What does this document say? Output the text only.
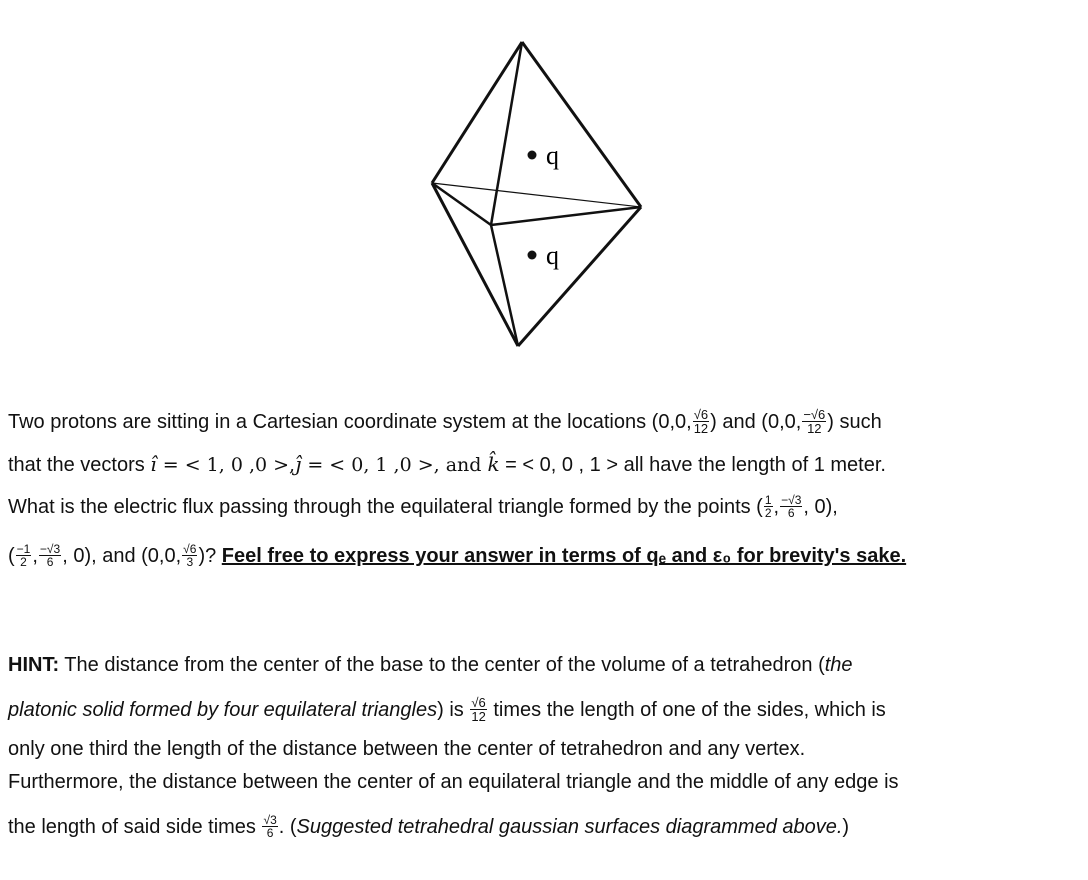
q
q
Two protons are sitting in a Cartesian coordinate system at the locations (0,0, $\frac{√6}{12}$ ) and (0,0, $\frac{-√6}{12}$ ) such
that the vectors î = < 1, 0 ,0 >,ĵ = < 0, 1 ,0 >, and k̂ = < 0, 0 , 1 > all have the length of 1 meter.
What is the electric flux passing through the equilateral triangle formed by the points ( $\frac{1}{2}$ , $\frac{-√3}{6}$ , 0),
( $\frac{-1}{2}$ , $\frac{-√3}{6}$ , 0), and (0,0, $\frac{√6}{3}$ )? Feel free to express your answer in terms of qₑ and ε₀ for brevity's sake.
HINT: The distance from the center of the base to the center of the volume of a tetrahedron (the
platonic solid formed by four equilateral triangles) is $\frac{√6}{12}$ times the length of one of the sides, which is
only one third the length of the distance between the center of tetrahedron and any vertex.
Furthermore, the distance between the center of an equilateral triangle and the middle of any edge is
the length of said side times $\frac{√3}{6}$ . (Suggested tetrahedral gaussian surfaces diagrammed above.)
